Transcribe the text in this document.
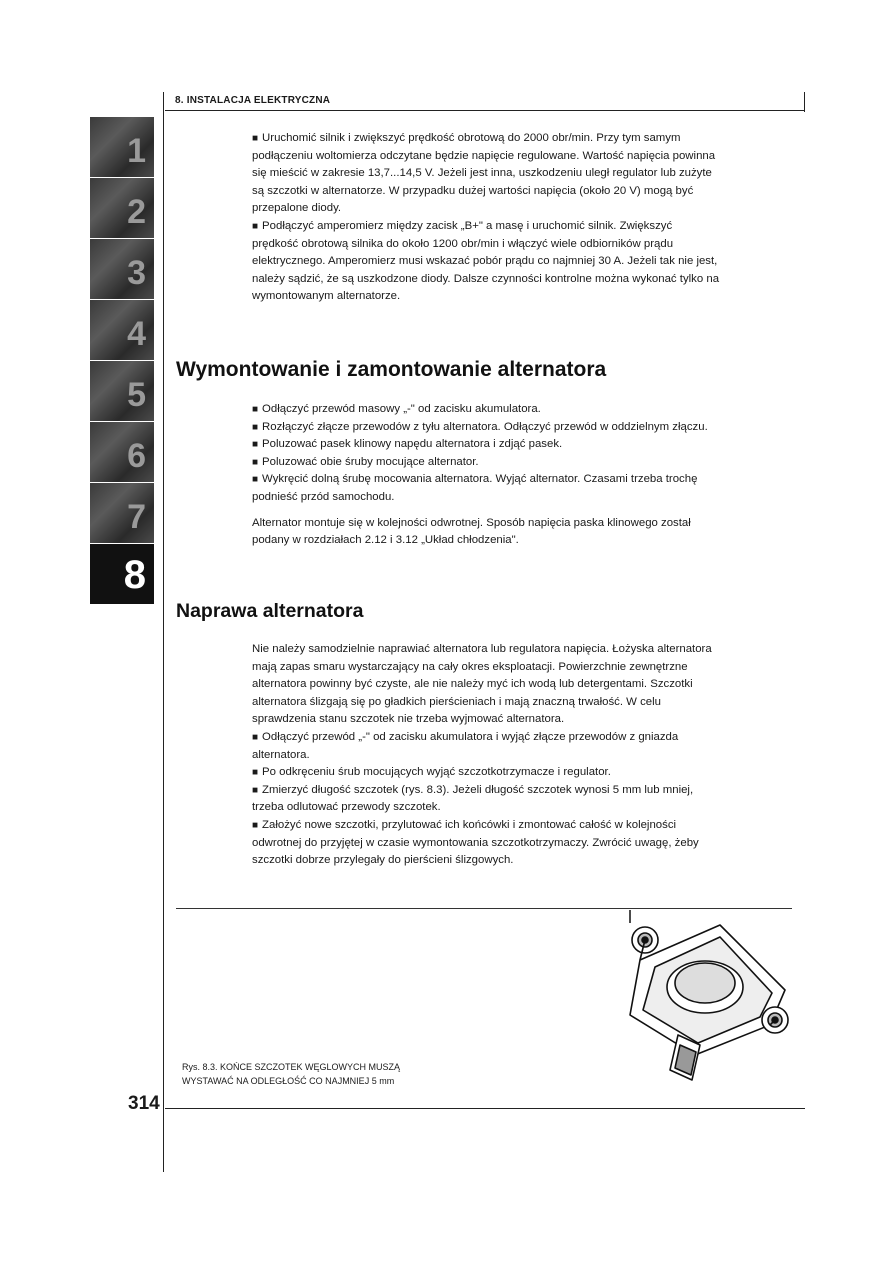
8. INSTALACJA ELEKTRYCZNA
1
2
3
4
5
6
7
8

■ Uruchomić silnik i zwiększyć prędkość obrotową do 2000 obr/min. Przy tym samym podłączeniu woltomierza odczytane będzie napięcie regulowane. Wartość napięcia powinna się mieścić w zakresie 13,7...14,5 V. Jeżeli jest inna, uszkodzeniu uległ regulator lub zużyte są szczotki w alternatorze. W przypadku dużej wartości napięcia (około 20 V) mogą być przepalone diody.

■ Podłączyć amperomierz między zacisk „B+" a masę i uruchomić silnik. Zwiększyć prędkość obrotową silnika do około 1200 obr/min i włączyć wiele odbiorników prądu elektrycznego. Amperomierz musi wskazać pobór prądu co najmniej 30 A. Jeżeli tak nie jest, należy sądzić, że są uszkodzone diody. Dalsze czynności kontrolne można wykonać tylko na wymontowanym alternatorze.

Wymontowanie i zamontowanie alternatora

■ Odłączyć przewód masowy „-" od zacisku akumulatora.

■ Rozłączyć złącze przewodów z tyłu alternatora. Odłączyć przewód w oddzielnym złączu.

■ Poluzować pasek klinowy napędu alternatora i zdjąć pasek.

■ Poluzować obie śruby mocujące alternator.

■ Wykręcić dolną śrubę mocowania alternatora. Wyjąć alternator. Czasami trzeba trochę podnieść przód samochodu.

Alternator montuje się w kolejności odwrotnej. Sposób napięcia paska klinowego został podany w rozdziałach 2.12 i 3.12 „Układ chłodzenia".

Naprawa alternatora

Nie należy samodzielnie naprawiać alternatora lub regulatora napięcia. Łożyska alternatora mają zapas smaru wystarczający na cały okres eksploatacji. Powierzchnie zewnętrzne alternatora powinny być czyste, ale nie należy myć ich wodą lub detergentami. Szczotki alternatora ślizgają się po gładkich pierścieniach i mają znaczną trwałość. W celu sprawdzenia stanu szczotek nie trzeba wyjmować alternatora.

■ Odłączyć przewód „-" od zacisku akumulatora i wyjąć złącze przewodów z gniazda alternatora.

■ Po odkręceniu śrub mocujących wyjąć szczotkotrzymacze i regulator.

■ Zmierzyć długość szczotek (rys. 8.3). Jeżeli długość szczotek wynosi 5 mm lub mniej, trzeba odlutować przewody szczotek.

■ Założyć nowe szczotki, przylutować ich końcówki i zmontować całość w kolejności odwrotnej do przyjętej w czasie wymontowania szczotkotrzymaczy. Zwrócić uwagę, żeby szczotki dobrze przylegały do pierścieni ślizgowych.

Rys. 8.3. KOŃCE SZCZOTEK WĘGLOWYCH MUSZĄ
WYSTAWAĆ NA ODLEGŁOŚĆ CO NAJMNIEJ 5 mm
314
